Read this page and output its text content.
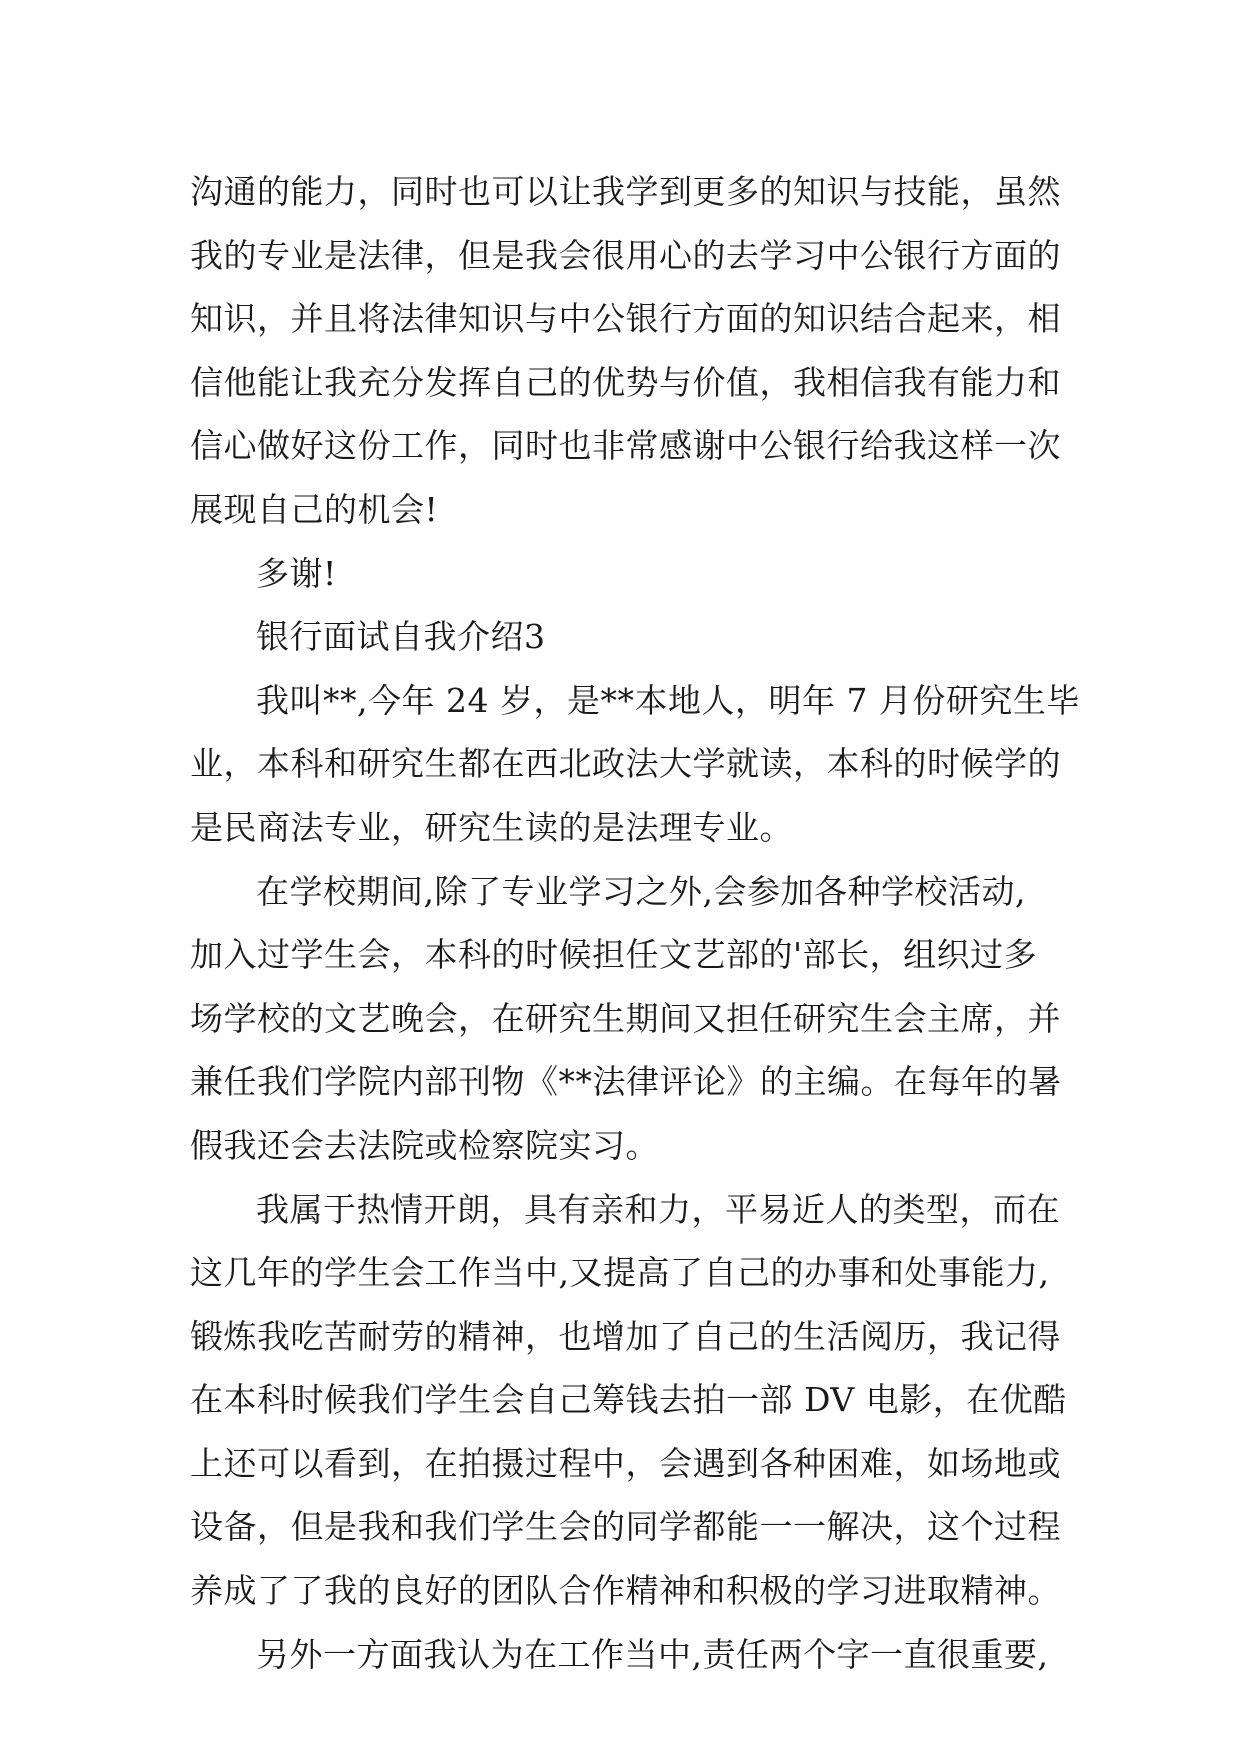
沟通的能力，同时也可以让我学到更多的知识与技能，虽然
我的专业是法律，但是我会很用心的去学习中公银行方面的
知识，并且将法律知识与中公银行方面的知识结合起来，相
信他能让我充分发挥自己的优势与价值，我相信我有能力和
信心做好这份工作，同时也非常感谢中公银行给我这样一次
展现自己的机会!
多谢!
银行面试自我介绍3
我叫**,今年 24 岁，是**本地人，明年 7 月份研究生毕
业，本科和研究生都在西北政法大学就读，本科的时候学的
是民商法专业，研究生读的是法理专业。
在学校期间,除了专业学习之外,会参加各种学校活动,
加入过学生会，本科的时候担任文艺部的'部长，组织过多
场学校的文艺晚会，在研究生期间又担任研究生会主席，并
兼任我们学院内部刊物《**法律评论》的主编。在每年的暑
假我还会去法院或检察院实习。
我属于热情开朗，具有亲和力，平易近人的类型，而在
这几年的学生会工作当中,又提高了自己的办事和处事能力,
锻炼我吃苦耐劳的精神，也增加了自己的生活阅历，我记得
在本科时候我们学生会自己筹钱去拍一部 DV 电影，在优酷
上还可以看到，在拍摄过程中，会遇到各种困难，如场地或
设备，但是我和我们学生会的同学都能一一解决，这个过程
养成了了我的良好的团队合作精神和积极的学习进取精神。
另外一方面我认为在工作当中,责任两个字一直很重要,
